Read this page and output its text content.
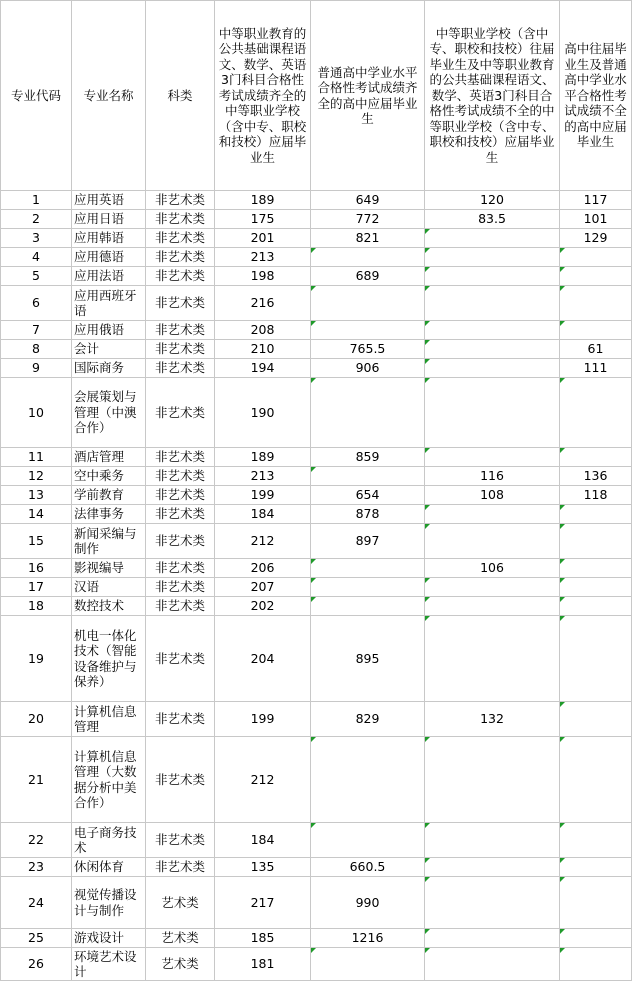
专业代码	专业名称	科类	中等职业教育的公共基础课程语文、数学、英语3门科目合格性考试成绩齐全的中等职业学校（含中专、职校和技校）应届毕业生	普通高中学业水平合格性考试成绩齐全的高中应届毕业生	中等职业学校（含中专、职校和技校）往届毕业生及中等职业教育的公共基础课程语文、数学、英语3门科目合格性考试成绩不全的中等职业学校（含中专、职校和技校）应届毕业生	高中往届毕业生及普通高中学业水平合格性考试成绩不全的高中应届毕业生
1	应用英语	非艺术类	189	649	120	117
2	应用日语	非艺术类	175	772	83.5	101
3	应用韩语	非艺术类	201	821		129
4	应用德语	非艺术类	213			
5	应用法语	非艺术类	198	689		
6	应用西班牙语	非艺术类	216			
7	应用俄语	非艺术类	208			
8	会计	非艺术类	210	765.5		61
9	国际商务	非艺术类	194	906		111
10	会展策划与管理（中澳合作）	非艺术类	190			
11	酒店管理	非艺术类	189	859		
12	空中乘务	非艺术类	213		116	136
13	学前教育	非艺术类	199	654	108	118
14	法律事务	非艺术类	184	878		
15	新闻采编与制作	非艺术类	212	897		
16	影视编导	非艺术类	206		106	
17	汉语	非艺术类	207			
18	数控技术	非艺术类	202			
19	机电一体化技术（智能设备维护与保养）	非艺术类	204	895		
20	计算机信息管理	非艺术类	199	829	132	
21	计算机信息管理（大数据分析中美合作）	非艺术类	212			
22	电子商务技术	非艺术类	184			
23	休闲体育	非艺术类	135	660.5		
24	视觉传播设计与制作	艺术类	217	990		
25	游戏设计	艺术类	185	1216		
26	环境艺术设计	艺术类	181			
